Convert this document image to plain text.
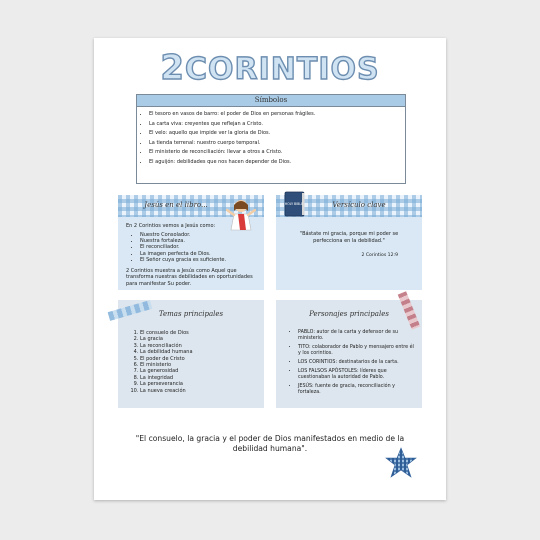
2CORINTIOS
Símbolos
• El tesoro en vasos de barro: el poder de Dios en personas frágiles.
• La carta viva: creyentes que reflejan a Cristo.
• El velo: aquello que impide ver la gloria de Dios.
• La tienda terrenal: nuestro cuerpo temporal.
• El ministerio de reconciliación: llevar a otros a Cristo.
• El aguijón: debilidades que nos hacen depender de Dios.
Jesús en el libro...
En 2 Corintios vemos a Jesús como:
• Nuestro Consolador.
• Nuestra fortaleza.
• El reconciliador.
• La imagen perfecta de Dios.
• El Señor cuya gracia es suficiente.
2 Corintios muestra a Jesús como Aquel que transforma nuestras debilidades en oportunidades para manifestar Su poder.
Versículo clave
HOLY BIBLE
"Bástate mi gracia, porque mi poder se perfecciona en la debilidad."
2 Corintios 12:9
Temas principales
1. El consuelo de Dios
2. La gracia
3. La reconciliación
4. La debilidad humana
5. El poder de Cristo
6. El ministerio
7. La generosidad
8. La integridad
9. La perseverancia
10. La nueva creación
Personajes principales
• PABLO: autor de la carta y defensor de su ministerio.
• TITO: colaborador de Pablo y mensajero entre él y los corintios.
• LOS CORINTIOS: destinatarios de la carta.
• LOS FALSOS APÓSTOLES: líderes que cuestionaban la autoridad de Pablo.
• JESÚS: fuente de gracia, reconciliación y fortaleza.
"El consuelo, la gracia y el poder de Dios manifestados en medio de la debilidad humana".
